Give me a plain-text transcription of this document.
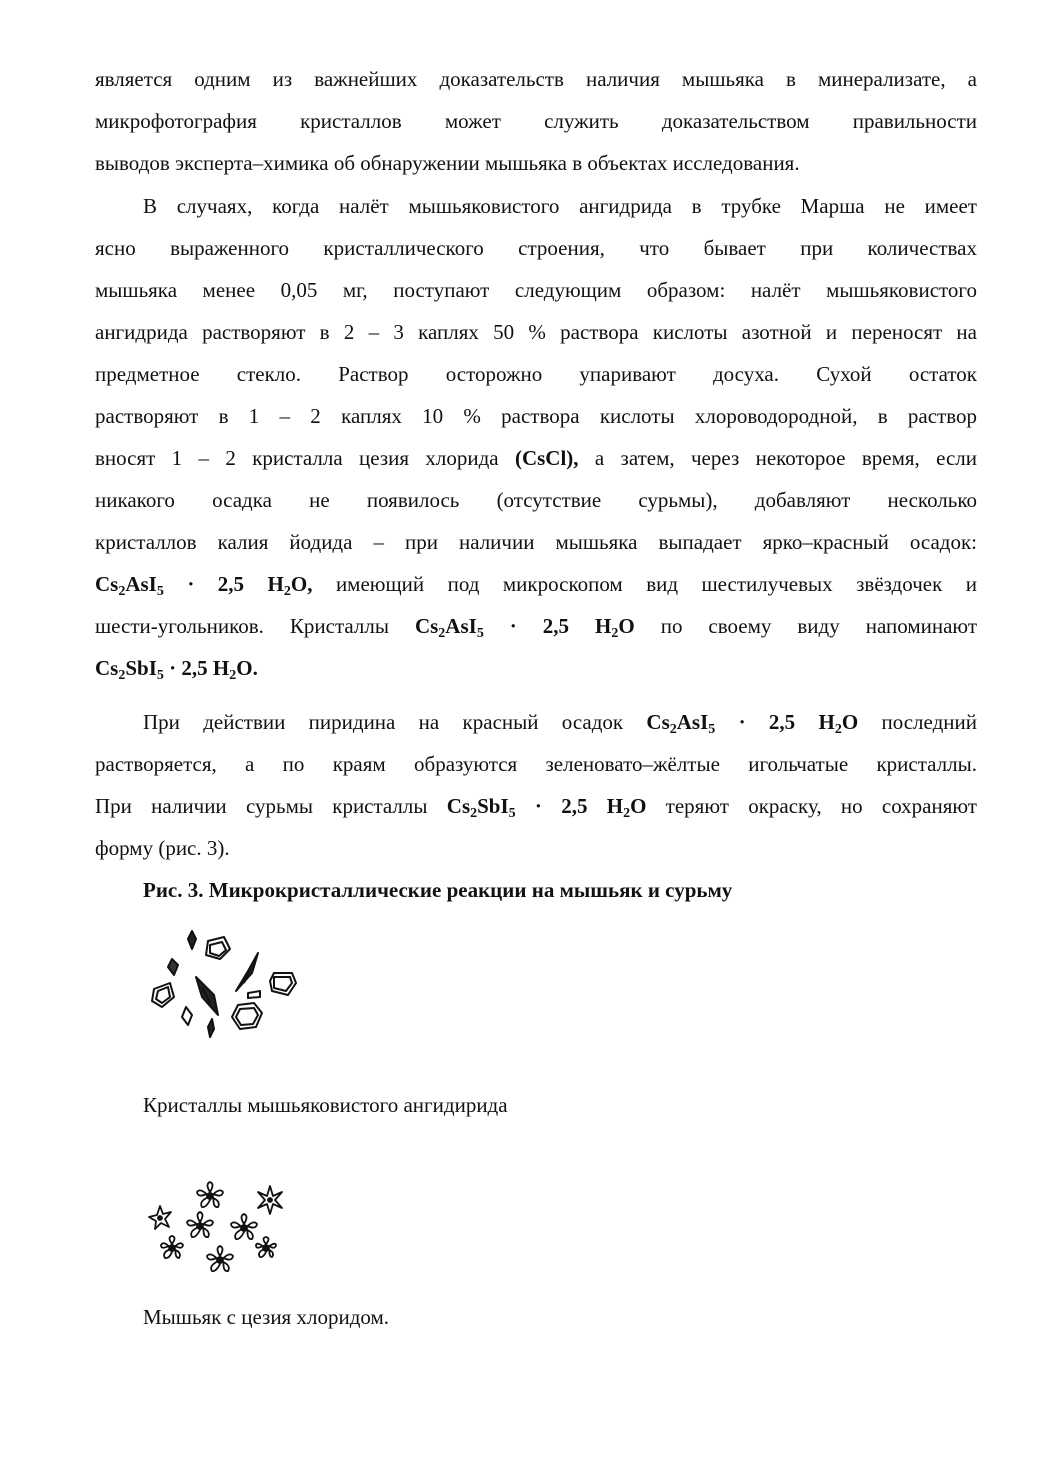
является одним из важнейших доказательств наличия мышьяка в минерализате, а
микрофотография кристаллов может служить доказательством правильности
выводов эксперта–химика об обнаружении мышьяка в объектах исследования.
В случаях, когда налёт мышьяковистого ангидрида в трубке Марша не имеет
ясно выраженного кристаллического строения, что бывает при количествах
мышьяка менее 0,05 мг, поступают следующим образом: налёт мышьяковистого
ангидрида растворяют в 2 – 3 каплях 50 % раствора кислоты азотной и переносят на
предметное стекло. Раствор осторожно упаривают досуха. Сухой остаток
растворяют в 1 – 2 каплях 10 % раствора кислоты хлороводородной, в раствор
вносят 1 – 2 кристалла цезия хлорида (CsCl), а затем, через некоторое время, если
никакого осадка не появилось (отсутствие сурьмы), добавляют несколько
кристаллов калия йодида – при наличии мышьяка выпадает ярко–красный осадок:
$Cs_2AsI_5 \cdot 2,5$ $H_2O$, имеющий под микроскопом вид шестилучевых звёздочек и
шести-угольников. Кристаллы $Cs_2AsI_5 \cdot 2,5$ $H_2O$ по своему виду напоминают
$Cs_2SbI_5 \cdot 2,5$ $H_2O$.
При действии пиридина на красный осадок $Cs_2AsI_5 \cdot 2,5$ $H_2O$ последний
растворяется, а по краям образуются зеленовато–жёлтые игольчатые кристаллы.
При наличии сурьмы кристаллы $Cs_2SbI_5 \cdot 2,5$ $H_2O$ теряют окраску, но сохраняют
форму (рис. 3).

Рис. 3. Микрокристаллические реакции на мышьяк и сурьму

Кристаллы мышьяковистого ангидирида

Мышьяк с цезия хлоридом.
